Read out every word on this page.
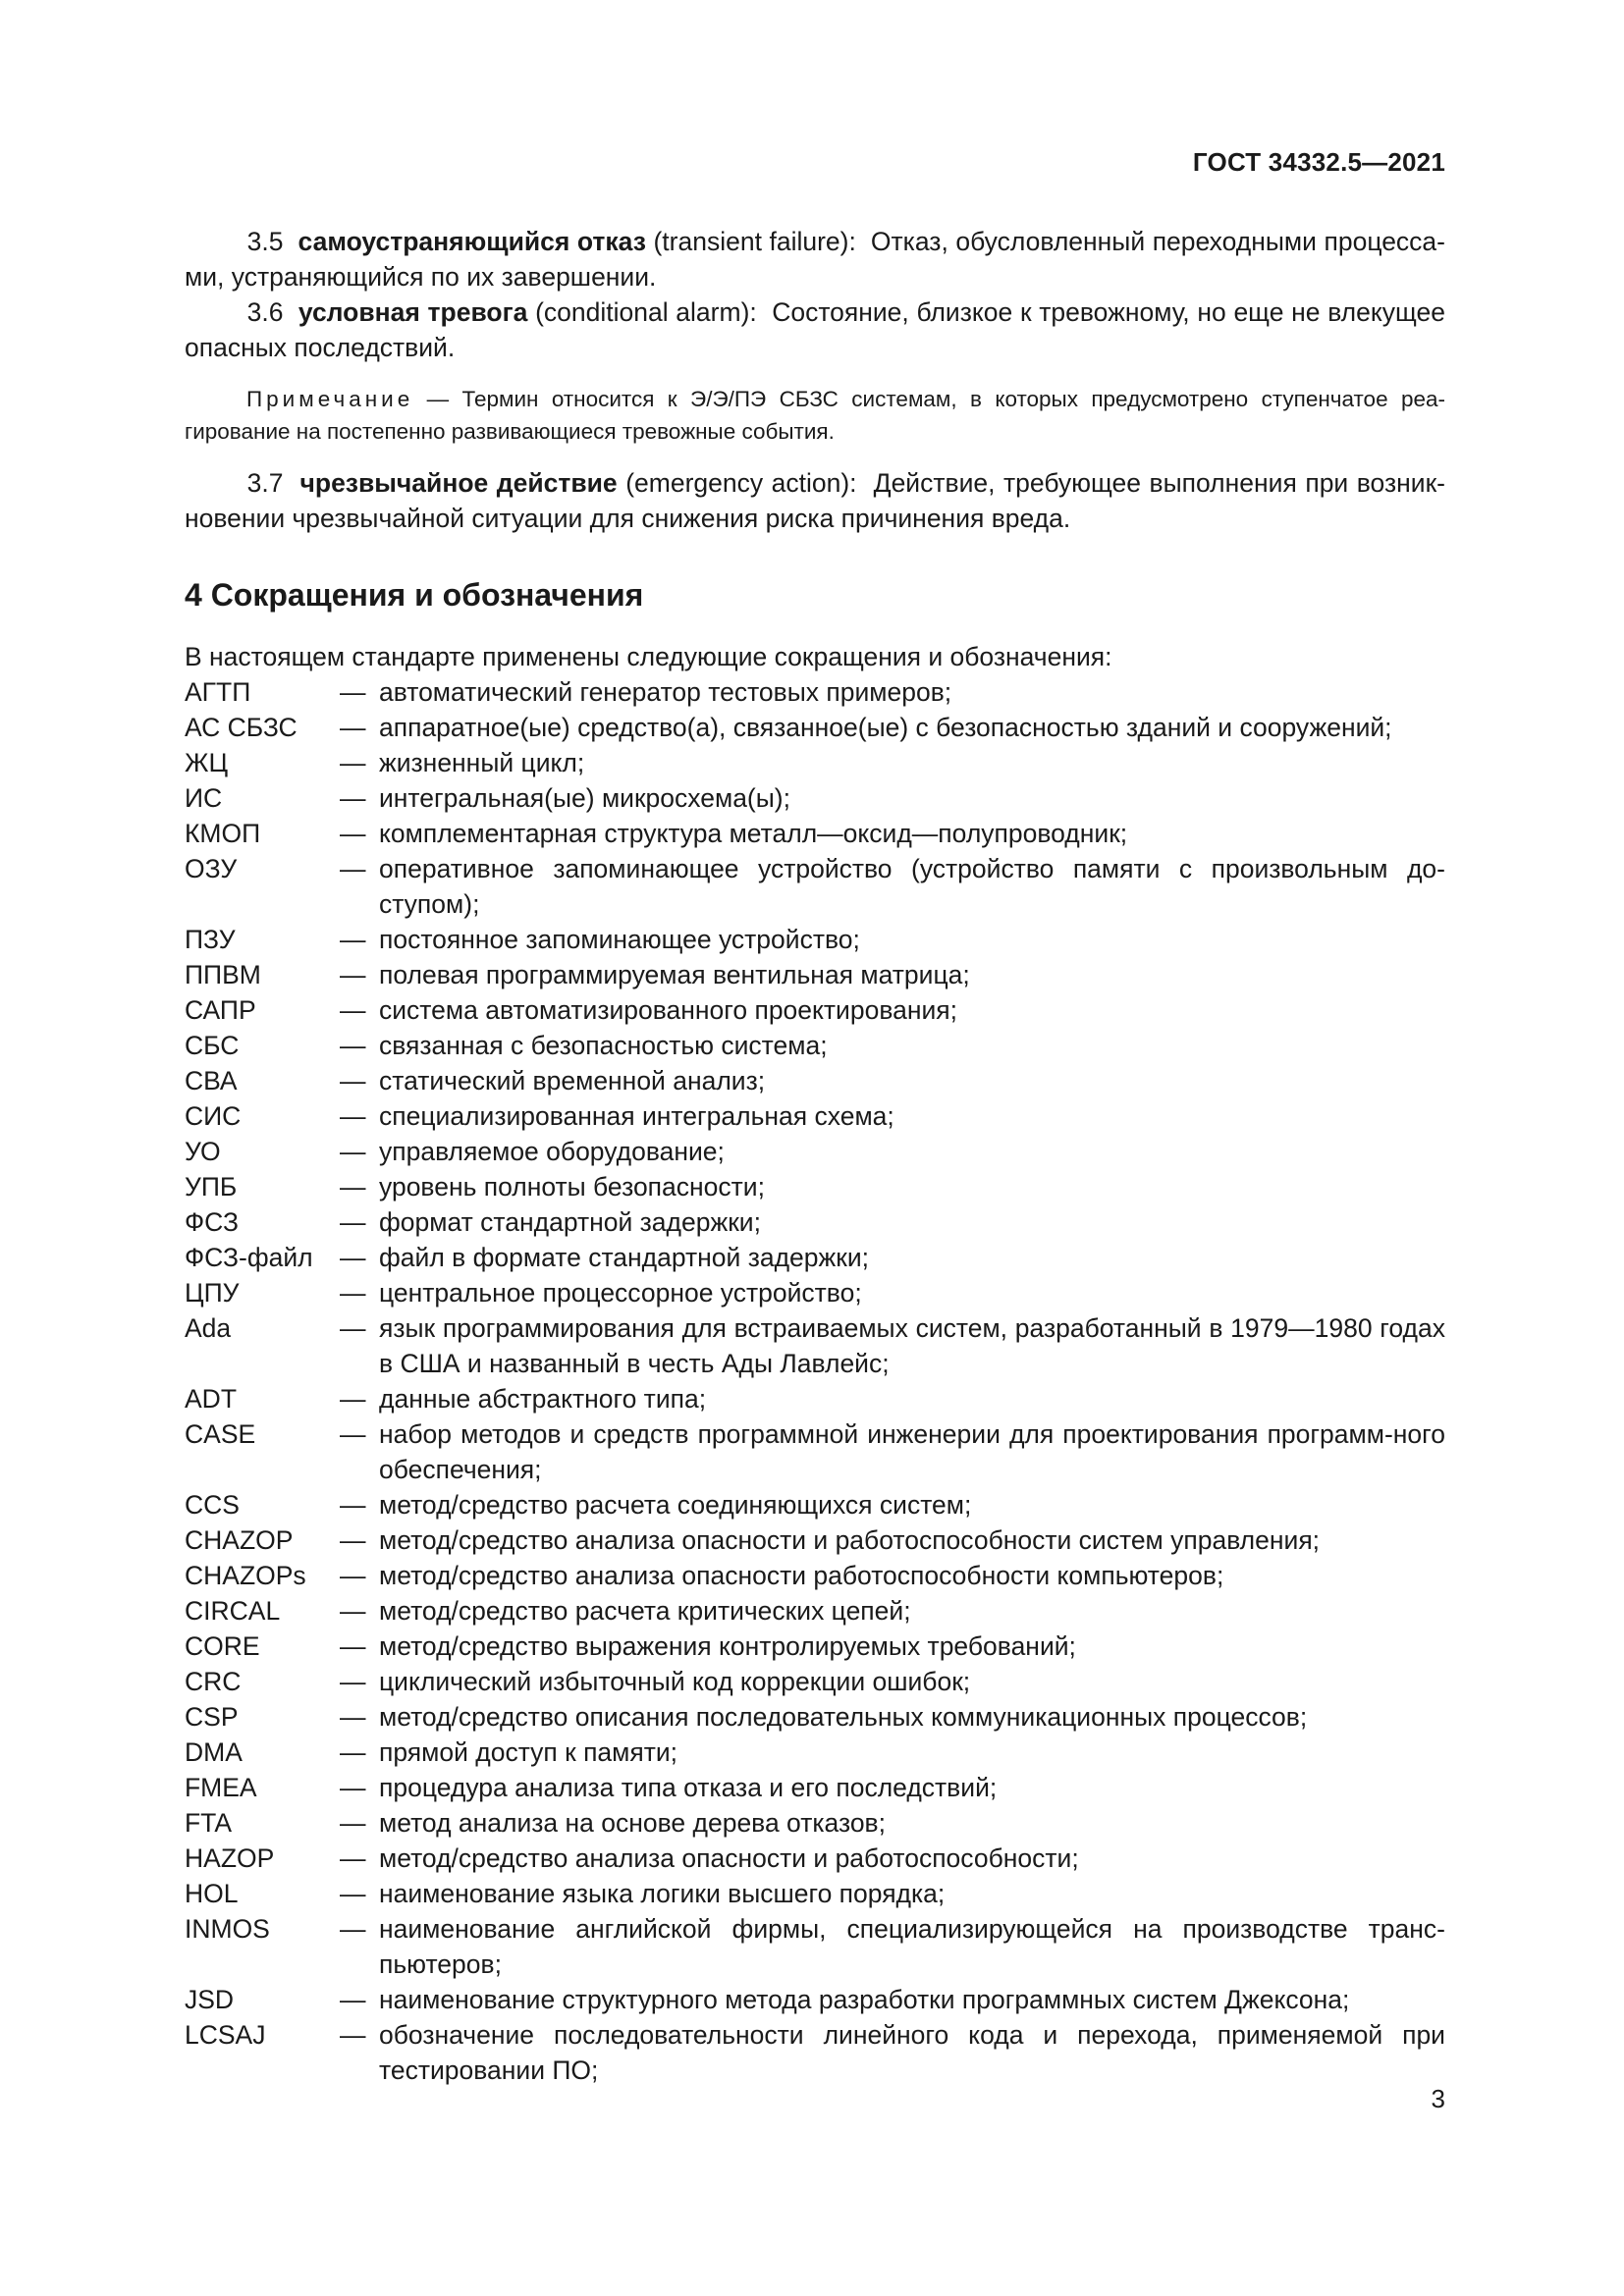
ГОСТ 34332.5—2021

3.5 самоустраняющийся отказ (transient failure): Отказ, обусловленный переходными процесса-ми, устраняющийся по их завершении.

3.6 условная тревога (conditional alarm): Состояние, близкое к тревожному, но еще не влекущее опасных последствий.

Примечание — Термин относится к Э/Э/ПЭ СБЗС системам, в которых предусмотрено ступенчатое реа-гирование на постепенно развивающиеся тревожные события.

3.7 чрезвычайное действие (emergency action): Действие, требующее выполнения при возник-новении чрезвычайной ситуации для снижения риска причинения вреда.

4 Сокращения и обозначения

В настоящем стандарте применены следующие сокращения и обозначения:

АГТП	— автоматический генератор тестовых примеров;
АС СБЗС	— аппаратное(ые) средство(а), связанное(ые) с безопасностью зданий и сооружений;
ЖЦ	— жизненный цикл;
ИС	— интегральная(ые) микросхема(ы);
КМОП	— комплементарная структура металл—оксид—полупроводник;
ОЗУ	— оперативное запоминающее устройство (устройство памяти с произвольным до-ступом);
ПЗУ	— постоянное запоминающее устройство;
ППВМ	— полевая программируемая вентильная матрица;
САПР	— система автоматизированного проектирования;
СБС	— связанная с безопасностью система;
СВА	— статический временной анализ;
СИС	— специализированная интегральная схема;
УО	— управляемое оборудование;
УПБ	— уровень полноты безопасности;
ФСЗ	— формат стандартной задержки;
ФСЗ-файл	— файл в формате стандартной задержки;
ЦПУ	— центральное процессорное устройство;
Ada	— язык программирования для встраиваемых систем, разработанный в 1979—1980 годах в США и названный в честь Ады Лавлейс;
ADT	— данные абстрактного типа;
CASE	— набор методов и средств программной инженерии для проектирования программ-ного обеспечения;
CCS	— метод/средство расчета соединяющихся систем;
CHAZOP	— метод/средство анализа опасности и работоспособности систем управления;
CHAZOPs	— метод/средство анализа опасности работоспособности компьютеров;
CIRCAL	— метод/средство расчета критических цепей;
CORE	— метод/средство выражения контролируемых требований;
CRC	— циклический избыточный код коррекции ошибок;
CSP	— метод/средство описания последовательных коммуникационных процессов;
DMA	— прямой доступ к памяти;
FMEA	— процедура анализа типа отказа и его последствий;
FTA	— метод анализа на основе дерева отказов;
HAZOP	— метод/средство анализа опасности и работоспособности;
HOL	— наименование языка логики высшего порядка;
INMOS	— наименование английской фирмы, специализирующейся на производстве транс-пьютеров;
JSD	— наименование структурного метода разработки программных систем Джексона;
LCSAJ	— обозначение последовательности линейного кода и перехода, применяемой при тестировании ПО;
3
